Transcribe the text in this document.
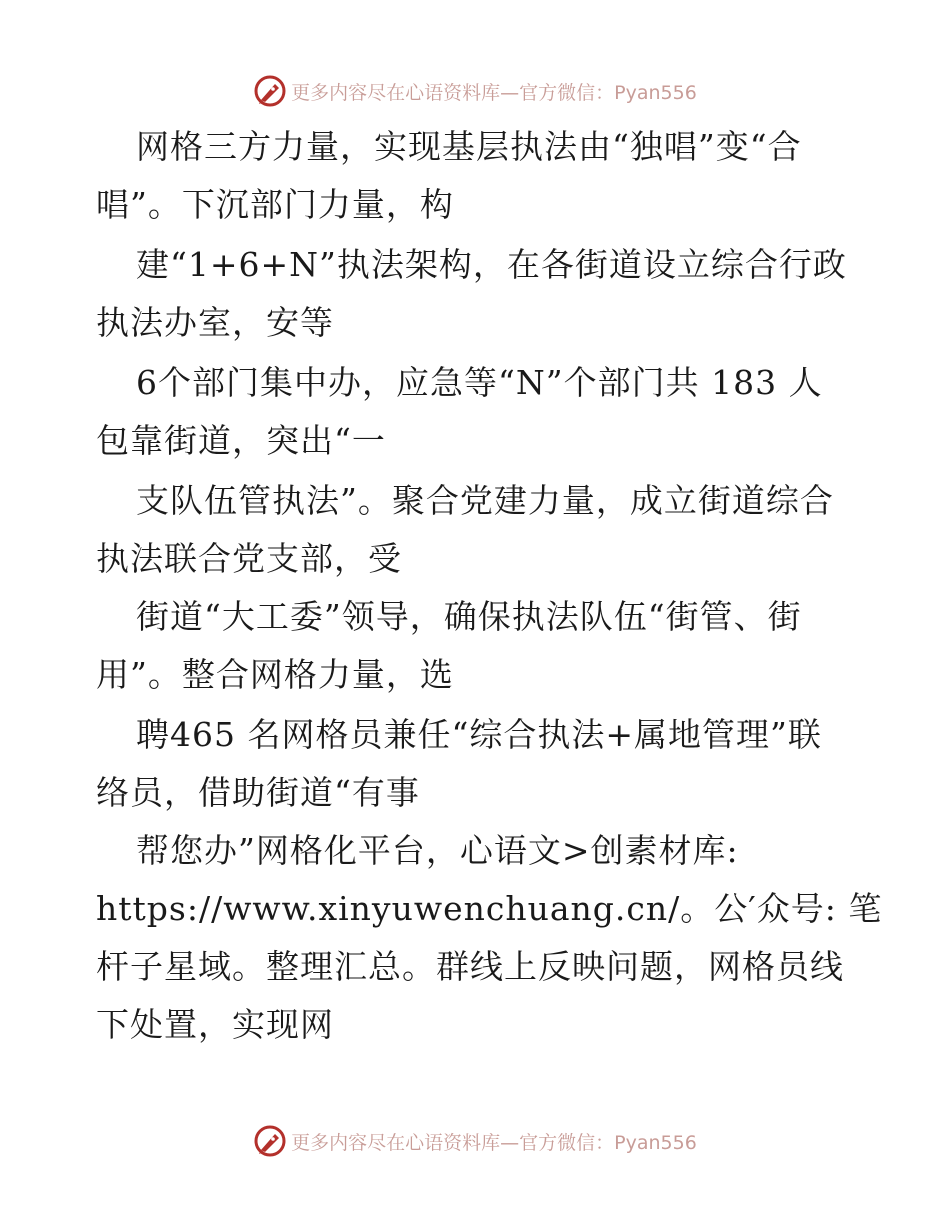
更多内容尽在心语资料库—官方微信：Pyan556
网格三方力量，实现基层执法由“独唱”变“合
唱”。下沉部门力量，构
建“1+6+N”执法架构，在各街道设立综合行政
执法办室，安等
6个部门集中办，应急等“N”个部门共 183 人
包靠街道，突出“一
支队伍管执法”。聚合党建力量，成立街道综合
执法联合党支部，受
街道“大工委”领导，确保执法队伍“街管、街
用”。整合网格力量，选
聘465 名网格员兼任“综合执法+属地管理”联
络员，借助街道“有事
帮您办”网格化平台，心语文>创素材库:
https://www.xinyuwenchuang.cn/。公′众号: 笔
杆子星域。整理汇总。群线上反映问题，网格员线
下处置，实现网
更多内容尽在心语资料库—官方微信：Pyan556
